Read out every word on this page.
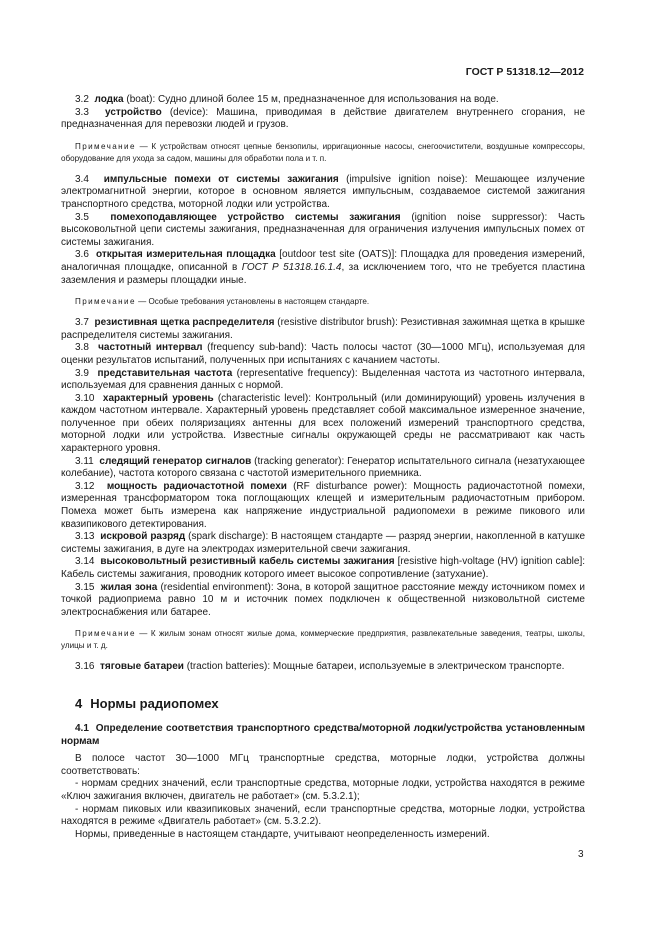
ГОСТ Р 51318.12—2012

3.2 лодка (boat): Судно длиной более 15 м, предназначенное для использования на воде.

3.3 устройство (device): Машина, приводимая в действие двигателем внутреннего сгорания, не предназначенная для перевозки людей и грузов.

Примечание — К устройствам относят цепные бензопилы, ирригационные насосы, снегоочистители, воздушные компрессоры, оборудование для ухода за садом, машины для обработки пола и т. п.

3.4 импульсные помехи от системы зажигания (impulsive ignition noise): Мешающее излучение электромагнитной энергии, которое в основном является импульсным, создаваемое системой зажигания транспортного средства, моторной лодки или устройства.

3.5 помехоподавляющее устройство системы зажигания (ignition noise suppressor): Часть высоковольтной цепи системы зажигания, предназначенная для ограничения излучения импульсных помех от системы зажигания.

3.6 открытая измерительная площадка [outdoor test site (OATS)]: Площадка для проведения измерений, аналогичная площадке, описанной в ГОСТ Р 51318.16.1.4, за исключением того, что не требуется пластина заземления и размеры площадки иные.

Примечание — Особые требования установлены в настоящем стандарте.

3.7 резистивная щетка распределителя (resistive distributor brush): Резистивная зажимная щетка в крышке распределителя системы зажигания.

3.8 частотный интервал (frequency sub-band): Часть полосы частот (30—1000 МГц), используемая для оценки результатов испытаний, полученных при испытаниях с качанием частоты.

3.9 представительная частота (representative frequency): Выделенная частота из частотного интервала, используемая для сравнения данных с нормой.

3.10 характерный уровень (characteristic level): Контрольный (или доминирующий) уровень излучения в каждом частотном интервале. Характерный уровень представляет собой максимальное измеренное значение, полученное при обеих поляризациях антенны для всех положений измерений транспортного средства, моторной лодки или устройства. Известные сигналы окружающей среды не рассматривают как часть характерного уровня.

3.11 следящий генератор сигналов (tracking generator): Генератор испытательного сигнала (незатухающее колебание), частота которого связана с частотой измерительного приемника.

3.12 мощность радиочастотной помехи (RF disturbance power): Мощность радиочастотной помехи, измеренная трансформатором тока поглощающих клещей и измерительным радиочастотным прибором. Помеха может быть измерена как напряжение индустриальной радиопомехи в режиме пикового или квазипикового детектирования.

3.13 искровой разряд (spark discharge): В настоящем стандарте — разряд энергии, накопленной в катушке системы зажигания, в дуге на электродах измерительной свечи зажигания.

3.14 высоковольтный резистивный кабель системы зажигания [resistive high-voltage (HV) ignition cable]: Кабель системы зажигания, проводник которого имеет высокое сопротивление (затухание).

3.15 жилая зона (residential environment): Зона, в которой защитное расстояние между источником помех и точкой радиоприема равно 10 м и источник помех подключен к общественной низковольтной системе электроснабжения или батарее.

Примечание — К жилым зонам относят жилые дома, коммерческие предприятия, развлекательные заведения, театры, школы, улицы и т. д.

3.16 тяговые батареи (traction batteries): Мощные батареи, используемые в электрическом транспорте.

4 Нормы радиопомех

4.1 Определение соответствия транспортного средства/моторной лодки/устройства установленным нормам

В полосе частот 30—1000 МГц транспортные средства, моторные лодки, устройства должны соответствовать:

- нормам средних значений, если транспортные средства, моторные лодки, устройства находятся в режиме «Ключ зажигания включен, двигатель не работает» (см. 5.3.2.1);

- нормам пиковых или квазипиковых значений, если транспортные средства, моторные лодки, устройства находятся в режиме «Двигатель работает» (см. 5.3.2.2).

Нормы, приведенные в настоящем стандарте, учитывают неопределенность измерений.

3
